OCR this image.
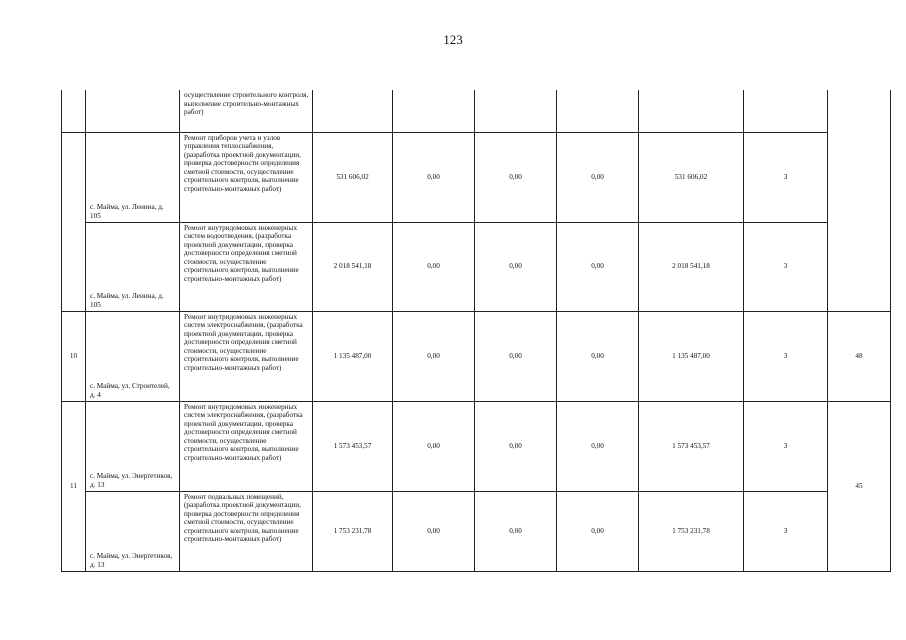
123
		осуществление строительного контроля, выполнение строительно-монтажных работ)							
	с. Майма, ул. Ленина, д. 105	Ремонт приборов учета и узлов управления теплоснабжения, (разработка проектной документации, проверка достоверности определения сметной стоимости, осуществление строительного контроля, выполнение строительно-монтажных работ)	531 606,02	0,00	0,00	0,00	531 606,02	3	
	с. Майма, ул. Ленина, д. 105	Ремонт внутридомовых инженерных систем водоотведения, (разработка проектной документации, проверка достоверности определения сметной стоимости, осуществление строительного контроля, выполнение строительно-монтажных работ)	2 018 541,18	0,00	0,00	0,00	2 018 541,18	3	
10	с. Майма, ул. Строителей, д. 4	Ремонт внутридомовых инженерных систем электроснабжения, (разработка проектной документации, проверка достоверности определения сметной стоимости, осуществление строительного контроля, выполнение строительно-монтажных работ)	1 135 487,00	0,00	0,00	0,00	1 135 487,00	3	48
11	с. Майма, ул. Энергетиков, д. 13	Ремонт внутридомовых инженерных систем электроснабжения, (разработка проектной документации, проверка достоверности определения сметной стоимости, осуществление строительного контроля, выполнение строительно-монтажных работ)	1 573 453,57	0,00	0,00	0,00	1 573 453,57	3	45
	с. Майма, ул. Энергетиков, д. 13	Ремонт подвальных помещений, (разработка проектной документации, проверка достоверности определения сметной стоимости, осуществление строительного контроля, выполнение строительно-монтажных работ)	1 753 231,78	0,00	0,00	0,00	1 753 231,78	3	
